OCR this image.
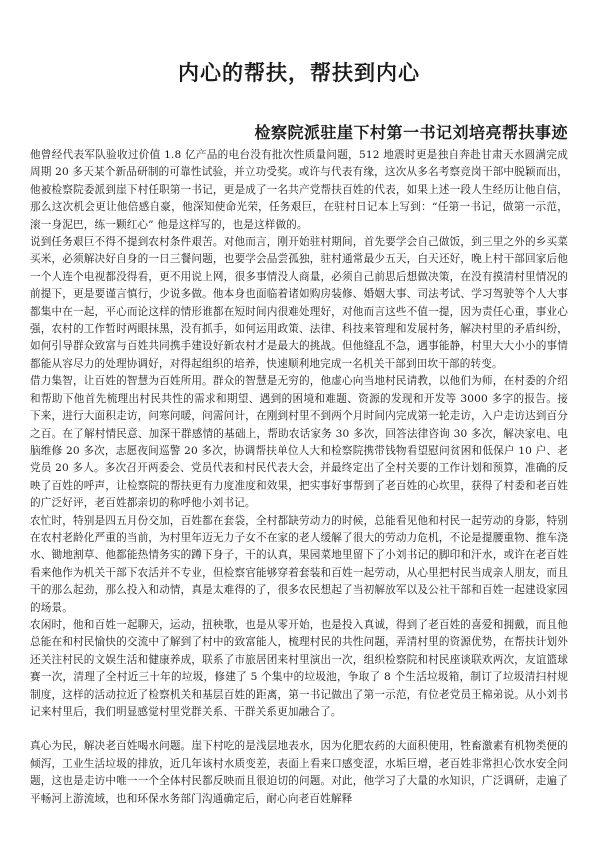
内心的帮扶，帮扶到内心
检察院派驻崖下村第一书记刘培亮帮扶事迹

他曾经代表军队验收过价值 1.8 亿产品的电台没有批次性质量问题，512 地震时更是独自奔赴甘肃天水圆满完成周期 20 多天某个新品研制的可靠性试验，并立功受奖。或许与代表有缘，这次从多名考察竞岗干部中脱颖而出，他被检察院委派到崖下村任职第一书记，更是成了一名共产党帮扶百姓的代表，如果上述一段人生经历让他自信，那么这次机会更让他倍感自豪，他深知使命光荣，任务艰巨，在驻村日记本上写到：“任第一书记，做第一示范，滚一身泥巴，练一颗红心” 他是这样写的，也是这样做的。

说到任务艰巨不得不提到农村条件艰苦。对他而言，刚开始驻村期间，首先要学会自己做饭，到三里之外的乡买菜买米，必须解决好自身的一日三餐问题，也要学会品尝孤独，驻村通常最少五天，白天还好，晚上村干部回家后他一个人连个电视都没得看，更不用说上网，很多事情没人商量，必须自己前思后想做决策，在没有摸清村里情况的前提下，更是要谨言慎行，少说多做。他本身也面临着诸如购房装修、婚姻大事、司法考试、学习驾驶等个人大事都集中在一起，平心而论这样的情形谁都在短时间内很难处理好，对他而言这些不值一提，因为责任心重，事业心强，农村的工作暂时两眼抹黑，没有抓手，如何运用政策、法律、科技来管理和发展村务，解决村里的矛盾纠纷，如何引导群众致富与百姓共同携手建设好新农村才是最大的挑战。但他缝乱不急，遇事能静，村里大大小小的事情都能从容尽力的处理协调好，对得起组织的培养，快速顺利地完成一名机关干部到田坎干部的转变。

借力集智，让百姓的智慧为百姓所用。群众的智慧是无穷的，他虚心向当地村民请教，以他们为师，在村委的介绍和帮助下他首先梳理出村民共性的需求和期望、遇到的困境和难题、资源的发现和开发等 3000 多字的报告。接下来，进行大面积走访，问寒问暖，问需问计，在刚到村里不到两个月时间内完成第一轮走访，入户走访达到百分之百。在了解村情民意、加深干群感情的基础上，帮助农话家务 30 多次，回答法律咨询 30 多次，解决家电、电脑维修 20 多次，志愿夜间巡警 20 多次，协调帮扶单位人大和检察院携带钱物看望慰问贫困和低保户 10 户、老党员 20 多人。多次召开两委会、党员代表和村民代表大会，并最终定出了全村关要的工作计划和预算，准确的反映了百姓的呼声，让检察院的帮扶更有力度准度和效果，把实事好事帮到了老百姓的心坎里，获得了村委和老百姓的广泛好评，老百姓都亲切的称呼他小刘书记。

农忙时，特别是四五月份交加，百姓都在套袋，全村都缺劳动力的时候，总能看见他和村民一起劳动的身影，特别在农村老龄化严重的当前，为村里年迈无力子女不在家的老人缓解了很大的劳动力危机，不论是提腰重物、推车浇水、锄地割草、他都能热情务实的蹲下身子，干的认真，果园菜地里留下了小刘书记的脚印和汗水，或许在老百姓看来他作为机关干部下农活并不专业，但检察官能够穿着套装和百姓一起劳动，从心里把村民当成亲人朋友，而且干的那么起劲，那么投入和动情，真是太难得的了，很多农民想起了当初解放军以及公社干部和百姓一起建设家园的场景。

农闲时，他和百姓一起聊天，运动，扭秧歌，也是从零开始，也是投入真诚，得到了老百姓的喜爱和拥戴，而且他总能在和村民愉快的交流中了解到了村中的致富能人，梳理村民的共性问题，弄清村里的资源优势，在帮扶计划外还关注村民的文娱生活和健康养成，联系了市旅居团来村里演出一次，组织检察院和村民座谈联欢两次，友谊篮球赛一次，清理了全村近三十年的垃圾，修建了 5 个集中的垃圾池，争取了 8 个生活垃圾箱，制订了垃圾清扫村规制度，这样的活动拉近了检察机关和基层百姓的距离，第一书记做出了第一示范，有位老党员王棉弟说。从小刘书记来村里后，我们明显感觉村里党群关系、干群关系更加融合了。

真心为民，解决老百姓喝水问题。崖下村吃的是浅层地表水，因为化肥农药的大面积使用，牲畜激素有机物类便的倾泻，工业生活垃圾的排放，近几年该村水质变差，表面上看来口感变涩，水垢巨增，老百姓非常担心饮水安全问题，这也是走访中唯一一个全体村民都反映而且很迫切的问题。对此，他学习了大量的水知识，广泛调研，走遍了平畅河上游流域，也和环保水务部门沟通确定后，耐心向老百姓解释
